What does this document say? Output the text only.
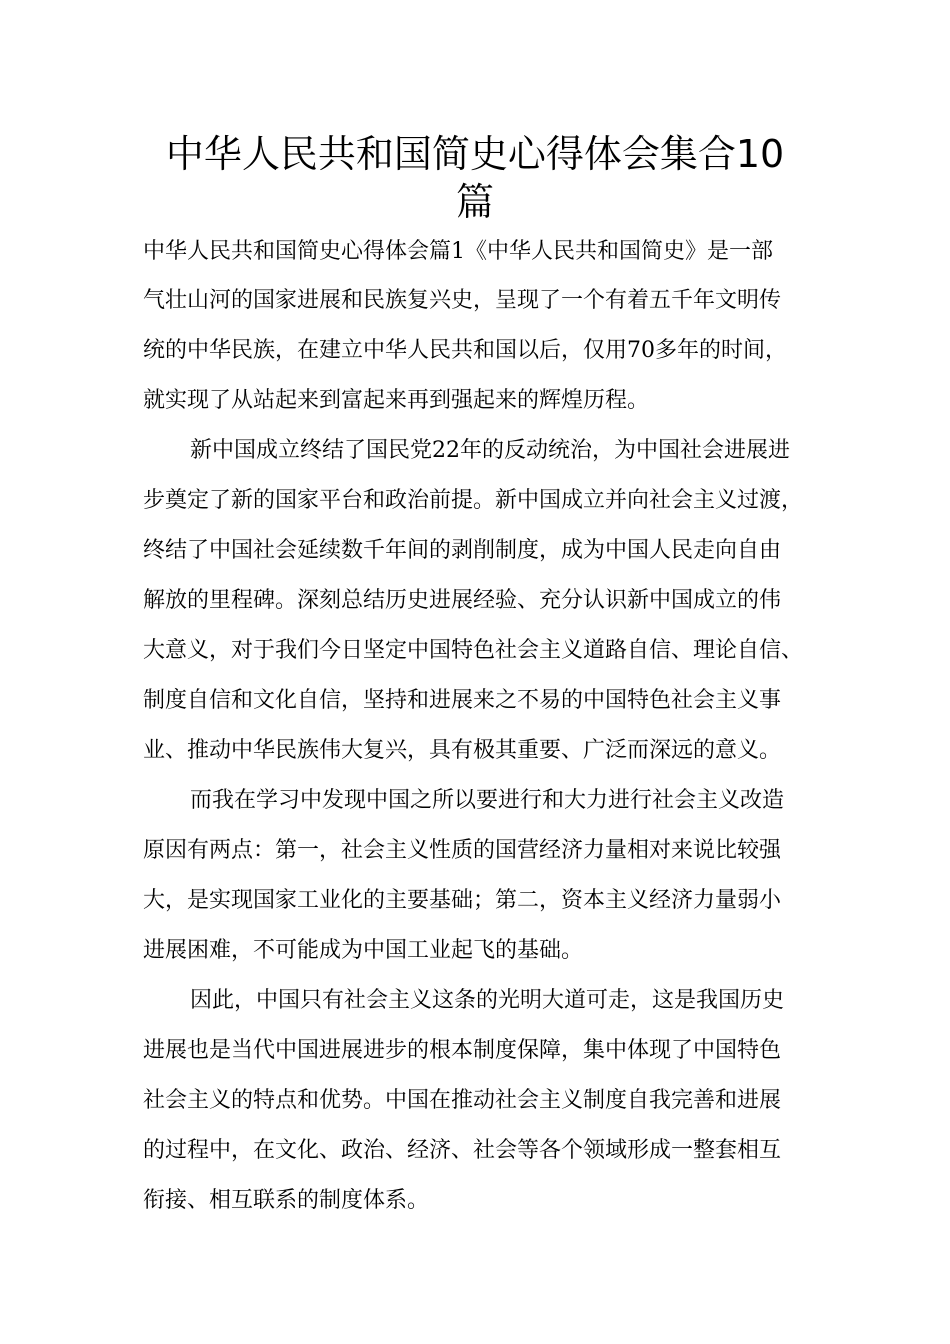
中华人民共和国简史心得体会集合10
篇

中华人民共和国简史心得体会篇1《中华人民共和国简史》是一部

气壮山河的国家进展和民族复兴史，呈现了一个有着五千年文明传

统的中华民族，在建立中华人民共和国以后，仅用70多年的时间，

就实现了从站起来到富起来再到强起来的辉煌历程。

新中国成立终结了国民党22年的反动统治，为中国社会进展进

步奠定了新的国家平台和政治前提。新中国成立并向社会主义过渡，

终结了中国社会延续数千年间的剥削制度，成为中国人民走向自由

解放的里程碑。深刻总结历史进展经验、充分认识新中国成立的伟

大意义，对于我们今日坚定中国特色社会主义道路自信、理论自信、

制度自信和文化自信，坚持和进展来之不易的中国特色社会主义事

业、推动中华民族伟大复兴，具有极其重要、广泛而深远的意义。

而我在学习中发现中国之所以要进行和大力进行社会主义改造

原因有两点：第一，社会主义性质的国营经济力量相对来说比较强

大，是实现国家工业化的主要基础；第二，资本主义经济力量弱小

进展困难，不可能成为中国工业起飞的基础。

因此，中国只有社会主义这条的光明大道可走，这是我国历史

进展也是当代中国进展进步的根本制度保障，集中体现了中国特色

社会主义的特点和优势。中国在推动社会主义制度自我完善和进展

的过程中，在文化、政治、经济、社会等各个领域形成一整套相互

衔接、相互联系的制度体系。
